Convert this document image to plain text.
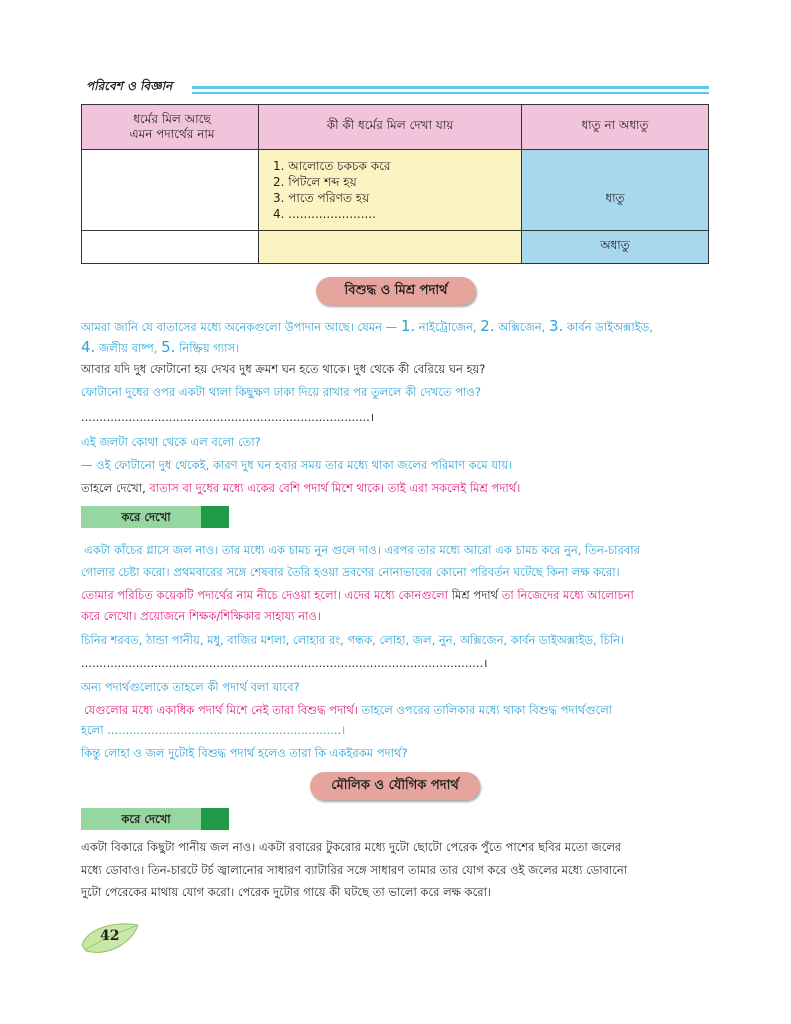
পরিবেশ ও বিজ্ঞান
ধর্মের মিল আছে
এমন পদার্থের নাম	কী কী ধর্মের মিল দেখা যায়	ধাতু না অধাতু

	1. আলোতে চকচক করে
2. পিটলে শব্দ হয়
3. পাতে পরিণত হয়
4. .......................	ধাতু

		অধাতু
বিশুদ্ধ ও মিশ্র পদার্থ
আমরা জানি যে বাতাসের মধ্যে অনেকগুলো উপাদান আছে। যেমন — 1. নাইট্রোজেন, 2. অক্সিজেন, 3. কার্বন ডাইঅক্সাইড,
4. জলীয় বাষ্প, 5. নিষ্ক্রিয় গ্যাস।
আবার যদি দুধ ফোটানো হয় দেখব দুধ ক্রমশ ঘন হতে থাকে। দুধ থেকে কী বেরিয়ে ঘন হয়?
ফোটানো দুধের ওপর একটা থালা কিছুক্ষণ ঢাকা দিয়ে রাখার পর তুললে কী দেখতে পাও?
...............................................................................।
এই জলটা কোথা থেকে এল বলো তো?
— ওই ফোটানো দুধ থেকেই, কারণ দুধ ঘন হবার সময় তার মধ্যে থাকা জলের পরিমাণ কমে যায়।
তাহলে দেখো, বাতাস বা দুধের মধ্যে একের বেশি পদার্থ মিশে থাকে। তাই এরা সকলেই মিশ্র পদার্থ।
করে দেখো
একটা কাঁচের গ্লাসে জল নাও। তার মধ্যে এক চামচ নুন গুলে দাও। এরপর তার মধ্যে আরো এক চামচ করে নুন, তিন-চারবার
গোলার চেষ্টা করো। প্রথমবারের সঙ্গে শেষবার তৈরি হওয়া দ্রবণের নোনাভাবের কোনো পরিবর্তন ঘটেছে কিনা লক্ষ করো।
তোমার পরিচিত কয়েকটি পদার্থের নাম নীচে দেওয়া হলো। এদের মধ্যে কোনগুলো মিশ্র পদার্থ তা নিজেদের মধ্যে আলোচনা
করে লেখো। প্রয়োজনে শিক্ষক/শিক্ষিকার সাহায্য নাও।
চিনির শরবত, ঠান্ডা পানীয়, মধু, বাজির মশলা, লোহার রং, গন্ধক, লোহা, জল, নুন, অক্সিজেন, কার্বন ডাইঅক্সাইড, চিনি।
..............................................................................................................।
অন্য পদার্থগুলোকে তাহলে কী পদার্থ বলা যাবে?
যেগুলোর মধ্যে একাধিক পদার্থ মিশে নেই তারা বিশুদ্ধ পদার্থ। তাহলে ওপরের তালিকার মধ্যে থাকা বিশুদ্ধ পদার্থগুলো
হলো ................................................................।
কিন্তু লোহা ও জল দুটোই বিশুদ্ধ পদার্থ হলেও তারা কি একইরকম পদার্থ?
মৌলিক ও যৌগিক পদার্থ
করে দেখো
একটা বিকারে কিছুটা পানীয় জল নাও। একটা রবারের টুকরোর মধ্যে দুটো ছোটো পেরেক পুঁতে পাশের ছবির মতো জলের
মধ্যে ডোবাও। তিন-চারটে টর্চ জ্বালানোর সাধারণ ব্যাটারির সঙ্গে সাধারণ তামার তার যোগ করে ওই জলের মধ্যে ডোবানো
দুটো পেরেকের মাথায় যোগ করো। পেরেক দুটোর গায়ে কী ঘটছে তা ভালো করে লক্ষ করো।
42
